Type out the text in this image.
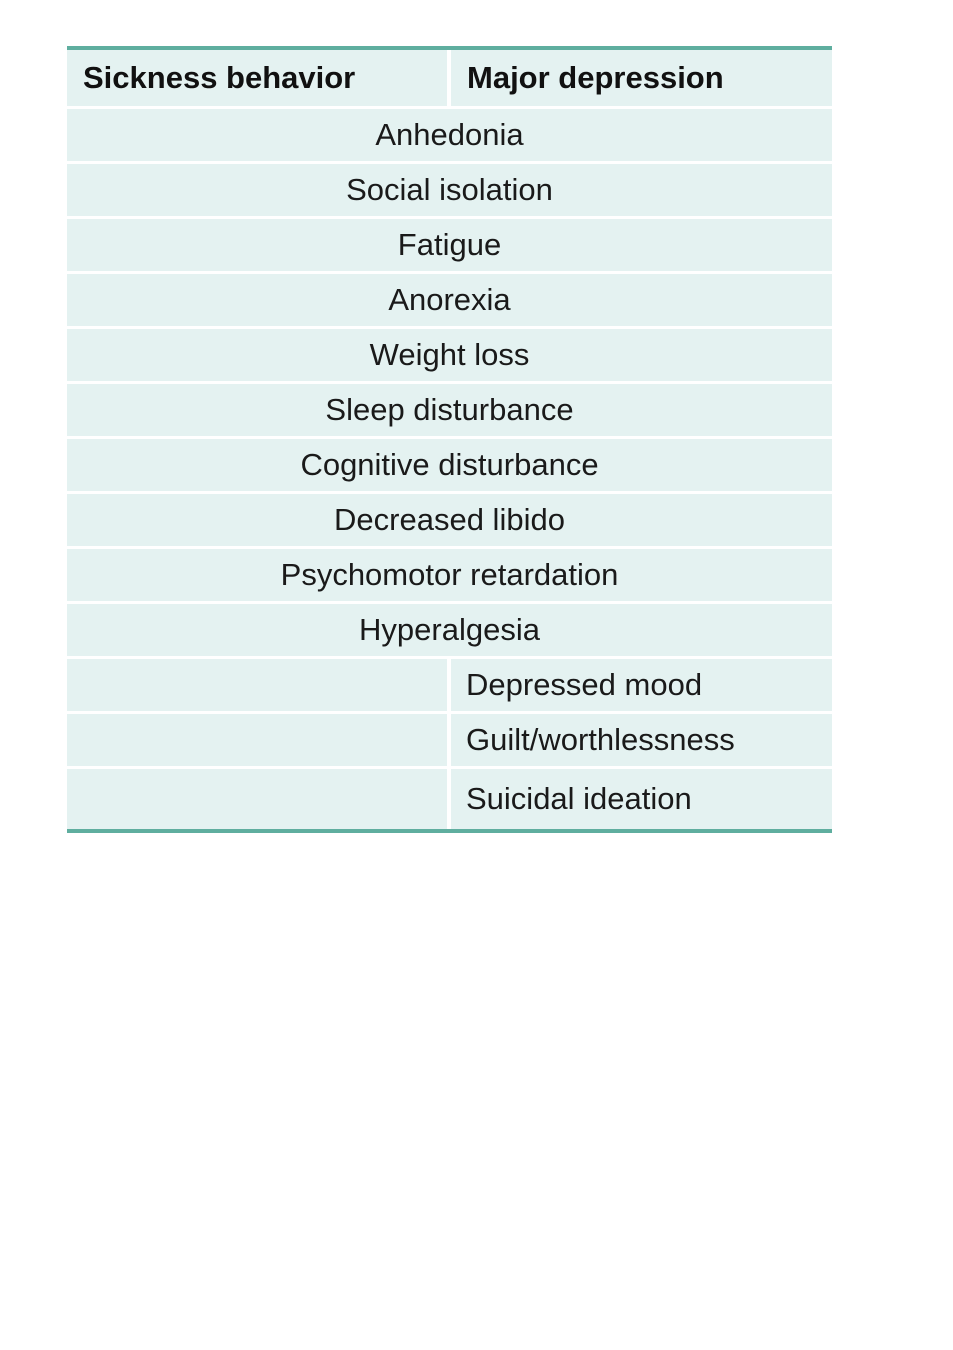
Sickness behavior	Major depression
Anhedonia
Social isolation
Fatigue
Anorexia
Weight loss
Sleep disturbance
Cognitive disturbance
Decreased libido
Psychomotor retardation
Hyperalgesia
Depressed mood
Guilt/worthlessness
Suicidal ideation
